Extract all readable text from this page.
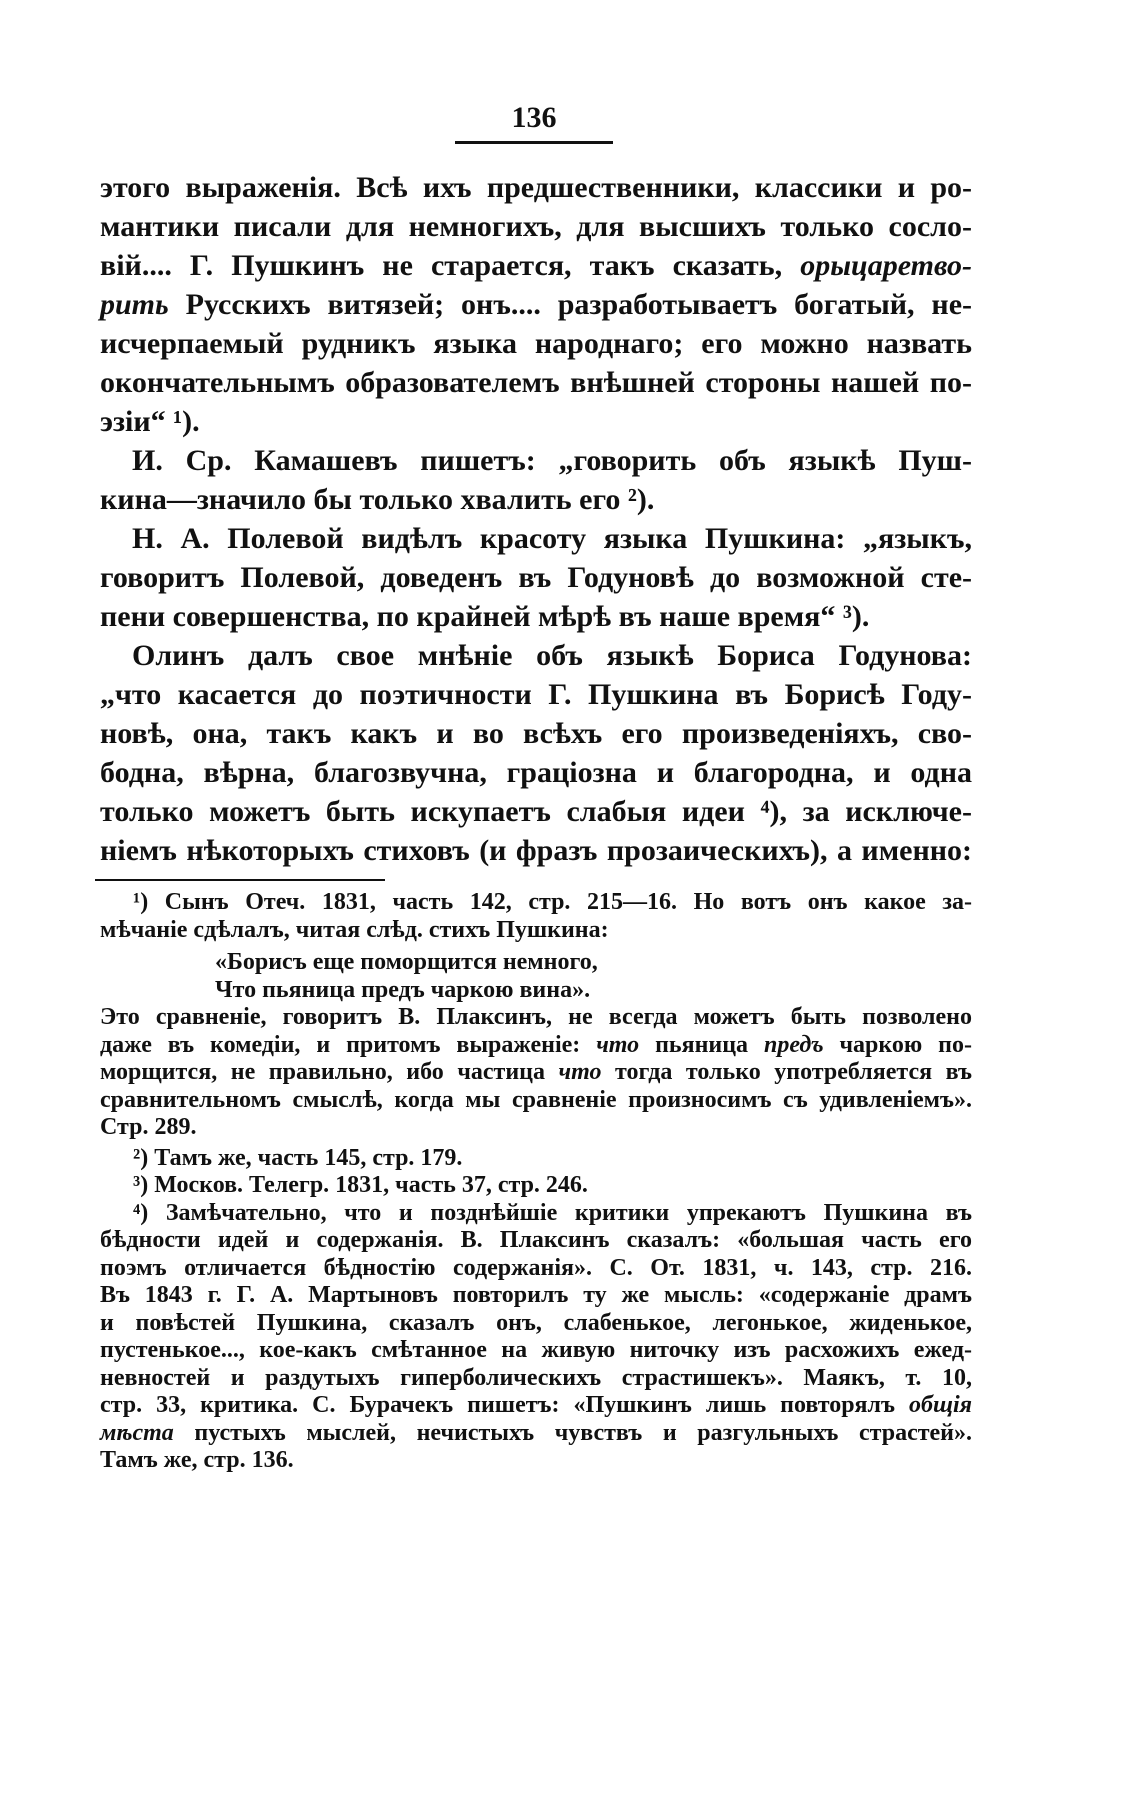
136
этого выраженія. Всѣ ихъ предшественники, классики и ро-
мантики писали для немногихъ, для высшихъ только сосло-
вій.... Г. Пушкинъ не старается, такъ сказать, орыцаретво-
рить Русскихъ витязей; онъ.... разработываетъ богатый, не-
исчерпаемый рудникъ языка народнаго; его можно назвать
окончательнымъ образователемъ внѣшней стороны нашей по-
эзіи“ ¹).
И. Ср. Камашевъ пишетъ: „говорить объ языкѣ Пуш-
кина—значило бы только хвалить его ²).
Н. А. Полевой видѣлъ красоту языка Пушкина: „языкъ,
говоритъ Полевой, доведенъ въ Годуновѣ до возможной сте-
пени совершенства, по крайней мѣрѣ въ наше время“ ³).
Олинъ далъ свое мнѣніе объ языкѣ Бориса Годунова:
„что касается до поэтичности Г. Пушкина въ Борисѣ Году-
новѣ, она, такъ какъ и во всѣхъ его произведеніяхъ, сво-
бодна, вѣрна, благозвучна, граціозна и благородна, и одна
только можетъ быть искупаетъ слабыя идеи ⁴), за исключе-
ніемъ нѣкоторыхъ стиховъ (и фразъ прозаическихъ), а именно:
¹) Сынъ Отеч. 1831, часть 142, стр. 215—16. Но вотъ онъ какое за-
мѣчаніе сдѣлалъ, читая слѣд. стихъ Пушкина:
«Борисъ еще поморщится немного,
Что пьяница предъ чаркою вина».
Это сравненіе, говоритъ В. Плаксинъ, не всегда можетъ быть позволено
даже въ комедіи, и притомъ выраженіе: что пьяница предъ чаркою по-
морщится, не правильно, ибо частица что тогда только употребляется въ
сравнительномъ смыслѣ, когда мы сравненіе произносимъ съ удивленіемъ».
Стр. 289.
²) Тамъ же, часть 145, стр. 179.
³) Москов. Телегр. 1831, часть 37, стр. 246.
⁴) Замѣчательно, что и позднѣйшіе критики упрекаютъ Пушкина въ
бѣдности идей и содержанія. В. Плаксинъ сказалъ: «большая часть его
поэмъ отличается бѣдностію содержанія». С. От. 1831, ч. 143, стр. 216.
Въ 1843 г. Г. А. Мартыновъ повторилъ ту же мысль: «содержаніе драмъ
и повѣстей Пушкина, сказалъ онъ, слабенькое, легонькое, жиденькое,
пустенькое..., кое-какъ смѣтанное на живую ниточку изъ расхожихъ ежед-
невностей и раздутыхъ гиперболическихъ страстишекъ». Маякъ, т. 10,
стр. 33, критика. С. Бурачекъ пишетъ: «Пушкинъ лишь повторялъ общія
мѣста пустыхъ мыслей, нечистыхъ чувствъ и разгульныхъ страстей».
Тамъ же, стр. 136.
